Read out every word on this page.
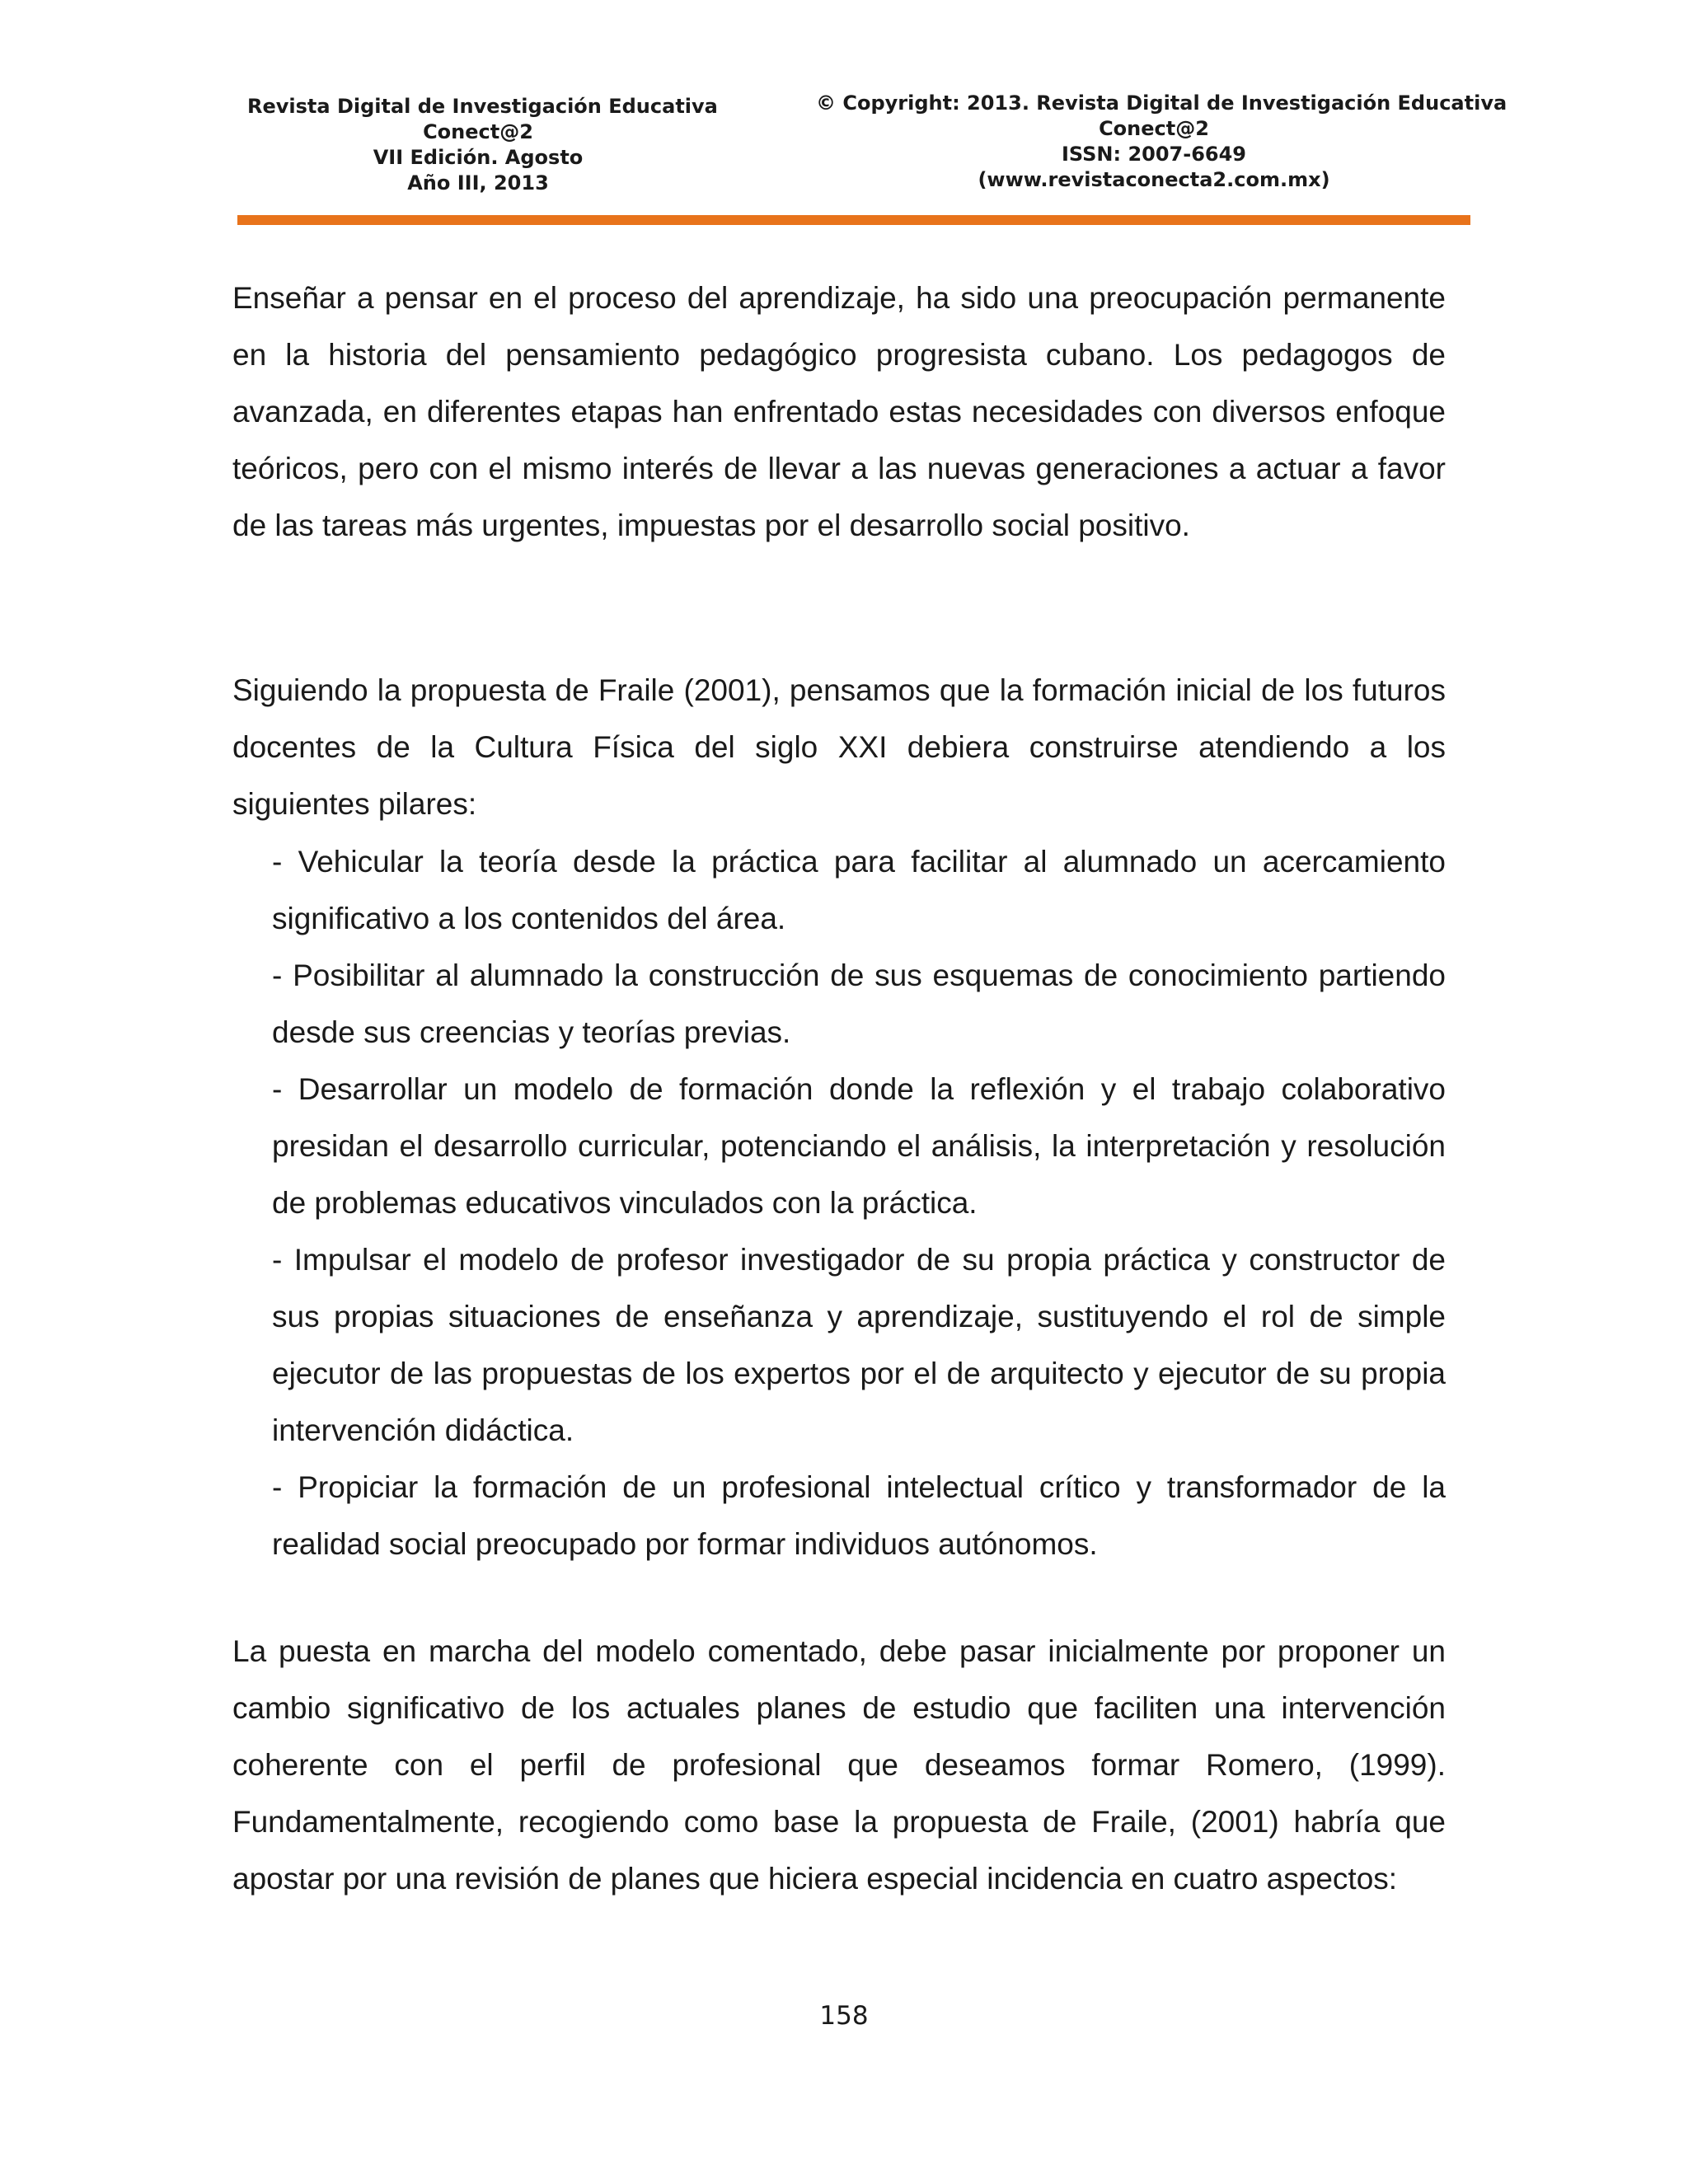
Revista Digital de Investigación Educativa
Conect@2
VII Edición. Agosto
Año III, 2013
© Copyright: 2013. Revista Digital de Investigación Educativa
Conect@2
ISSN: 2007-6649
(www.revistaconecta2.com.mx)

Enseñar a pensar en el proceso del aprendizaje, ha sido una preocupación permanente en la historia del pensamiento pedagógico progresista cubano. Los pedagogos de avanzada, en diferentes etapas han enfrentado estas necesidades con diversos enfoque teóricos, pero con el mismo interés de llevar a las nuevas generaciones a actuar a favor de las tareas más urgentes, impuestas por el desarrollo social positivo.

Siguiendo la propuesta de Fraile (2001), pensamos que la formación inicial de los futuros docentes de la Cultura Física del siglo XXI debiera construirse atendiendo a los siguientes pilares:

- Vehicular la teoría desde la práctica para facilitar al alumnado un acercamiento significativo a los contenidos del área.

- Posibilitar al alumnado la construcción de sus esquemas de conocimiento partiendo desde sus creencias y teorías previas.

- Desarrollar un modelo de formación donde la reflexión y el trabajo colaborativo presidan el desarrollo curricular, potenciando el análisis, la interpretación y resolución de problemas educativos vinculados con la práctica.

- Impulsar el modelo de profesor investigador de su propia práctica y constructor de sus propias situaciones de enseñanza y aprendizaje, sustituyendo el rol de simple ejecutor de las propuestas de los expertos por el de arquitecto y ejecutor de su propia intervención didáctica.

- Propiciar la formación de un profesional intelectual crítico y transformador de la realidad social preocupado por formar individuos autónomos.

La puesta en marcha del modelo comentado, debe pasar inicialmente por proponer un cambio significativo de los actuales planes de estudio que faciliten una intervención coherente con el perfil de profesional que deseamos formar Romero, (1999). Fundamentalmente, recogiendo como base la propuesta de Fraile, (2001) habría que apostar por una revisión de planes que hiciera especial incidencia en cuatro aspectos:

158
